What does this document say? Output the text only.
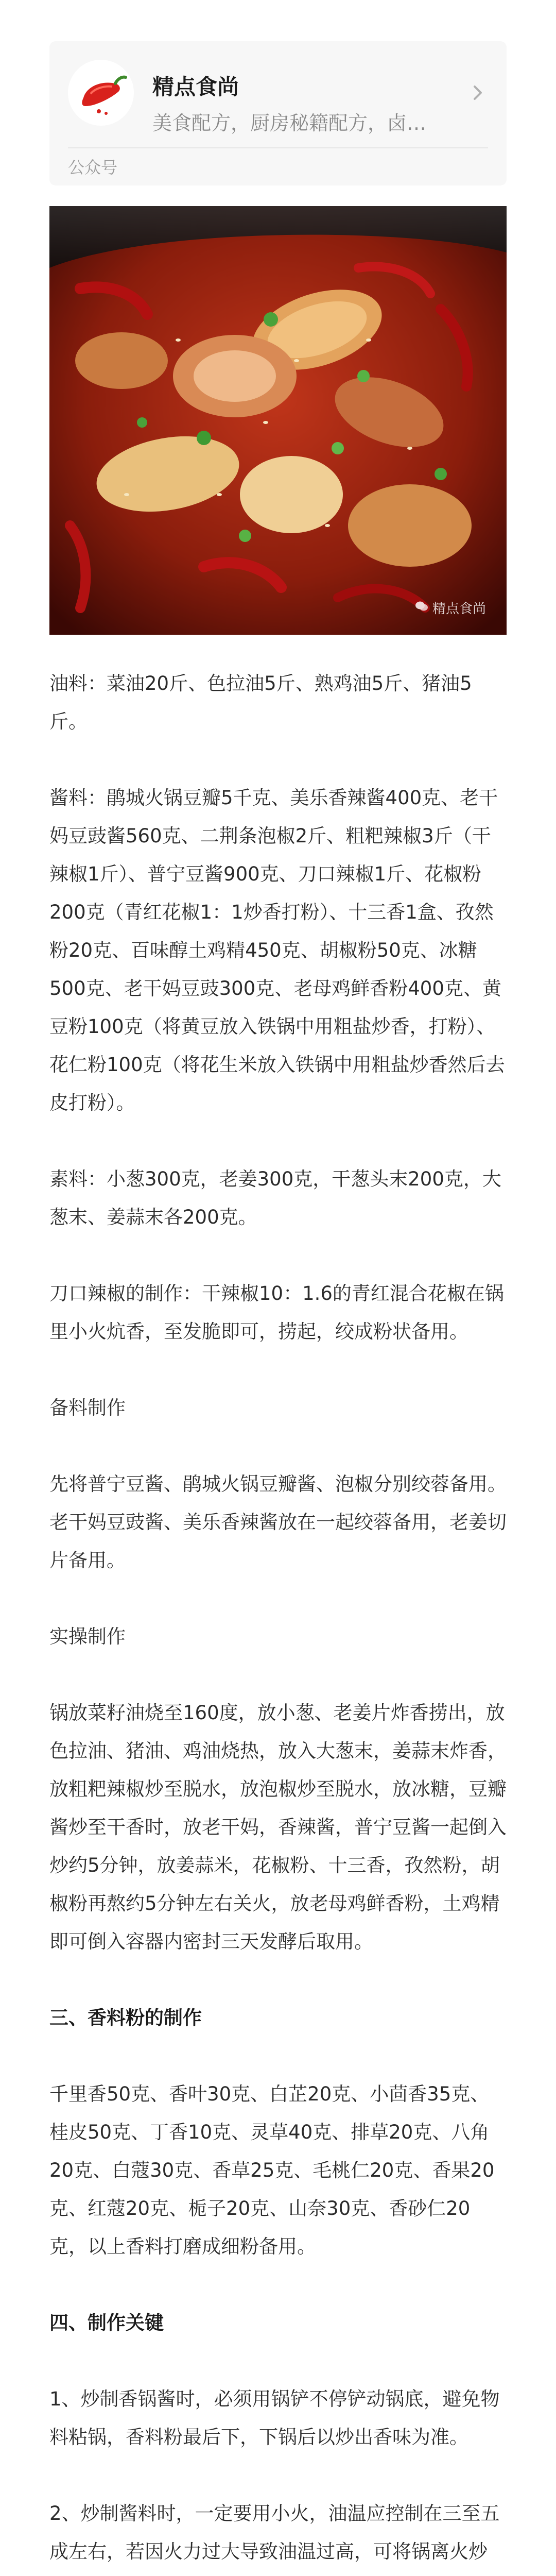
精点食尚
美食配方，厨房秘籍配方，卤…
公众号
精点食尚

油料：菜油20斤、色拉油5斤、熟鸡油5斤、猪油5斤。

酱料：鹃城火锅豆瓣5千克、美乐香辣酱400克、老干妈豆豉酱560克、二荆条泡椒2斤、粗粑辣椒3斤（干辣椒1斤）、普宁豆酱900克、刀口辣椒1斤、花椒粉200克（青红花椒1：1炒香打粉）、十三香1盒、孜然粉20克、百味醇土鸡精450克、胡椒粉50克、冰糖500克、老干妈豆豉300克、老母鸡鲜香粉400克、黄豆粉100克（将黄豆放入铁锅中用粗盐炒香，打粉）、花仁粉100克（将花生米放入铁锅中用粗盐炒香然后去皮打粉）。

素料：小葱300克，老姜300克，干葱头末200克，大葱末、姜蒜末各200克。

刀口辣椒的制作：干辣椒10：1.6的青红混合花椒在锅里小火炕香，至发脆即可，捞起，绞成粉状备用。

备料制作

先将普宁豆酱、鹃城火锅豆瓣酱、泡椒分别绞蓉备用。老干妈豆豉酱、美乐香辣酱放在一起绞蓉备用，老姜切片备用。

实操制作

锅放菜籽油烧至160度，放小葱、老姜片炸香捞出，放色拉油、猪油、鸡油烧热，放入大葱末，姜蒜末炸香，放粗粑辣椒炒至脱水，放泡椒炒至脱水，放冰糖，豆瓣酱炒至干香时，放老干妈，香辣酱，普宁豆酱一起倒入炒约5分钟，放姜蒜米，花椒粉、十三香，孜然粉，胡椒粉再熬约5分钟左右关火，放老母鸡鲜香粉，土鸡精即可倒入容器内密封三天发酵后取用。

三、香料粉的制作

千里香50克、香叶30克、白芷20克、小茴香35克、桂皮50克、丁香10克、灵草40克、排草20克、八角20克、白蔻30克、香草25克、毛桃仁20克、香果20克、红蔻20克、栀子20克、山奈30克、香砂仁20克，以上香料打磨成细粉备用。

四、制作关键

1、炒制香锅酱时，必须用锅铲不停铲动锅底，避免物料粘锅，香料粉最后下，下锅后以炒出香味为准。

2、炒制酱料时，一定要用小火，油温应控制在三至五成左右，若因火力过大导致油温过高，可将锅离火炒
